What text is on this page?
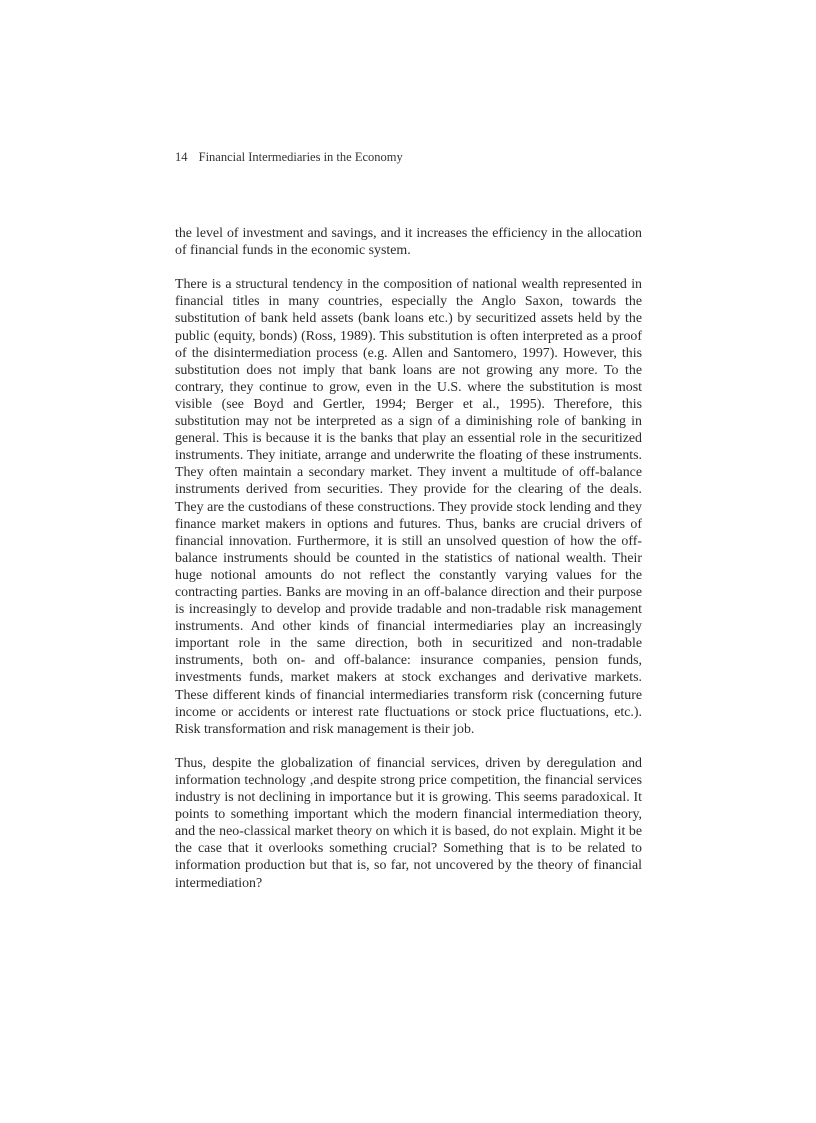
14 Financial Intermediaries in the Economy

the level of investment and savings, and it increases the efficiency in the allocation of financial funds in the economic system.

There is a structural tendency in the composition of national wealth represented in financial titles in many countries, especially the Anglo Saxon, towards the substitution of bank held assets (bank loans etc.) by securitized assets held by the public (equity, bonds) (Ross, 1989). This substitution is often interpreted as a proof of the disintermediation process (e.g. Allen and Santomero, 1997). However, this substitution does not imply that bank loans are not growing any more. To the contrary, they continue to grow, even in the U.S. where the substitution is most visible (see Boyd and Gertler, 1994; Berger et al., 1995). Therefore, this substitution may not be interpreted as a sign of a diminishing role of banking in general. This is because it is the banks that play an essential role in the securitized instruments. They initiate, arrange and underwrite the floating of these instruments. They often maintain a secondary market. They invent a multitude of off-balance instruments derived from securities. They provide for the clearing of the deals. They are the custodians of these constructions. They provide stock lending and they finance market makers in options and futures. Thus, banks are crucial drivers of financial innovation. Furthermore, it is still an unsolved question of how the off-balance instruments should be counted in the statistics of national wealth. Their huge notional amounts do not reflect the constantly varying values for the contracting parties. Banks are moving in an off-balance direction and their purpose is increasingly to develop and provide tradable and non-tradable risk management instruments. And other kinds of financial intermediaries play an increasingly important role in the same direction, both in securitized and non-tradable instruments, both on- and off-balance: insurance companies, pension funds, investments funds, market makers at stock exchanges and derivative markets. These different kinds of financial intermediaries transform risk (concerning future income or accidents or interest rate fluctuations or stock price fluctuations, etc.). Risk transformation and risk management is their job.

Thus, despite the globalization of financial services, driven by deregulation and information technology ,and despite strong price competition, the financial services industry is not declining in importance but it is growing. This seems paradoxical. It points to something important which the modern financial intermediation theory, and the neo-classical market theory on which it is based, do not explain. Might it be the case that it overlooks something crucial? Something that is to be related to information production but that is, so far, not uncovered by the theory of financial intermediation?
